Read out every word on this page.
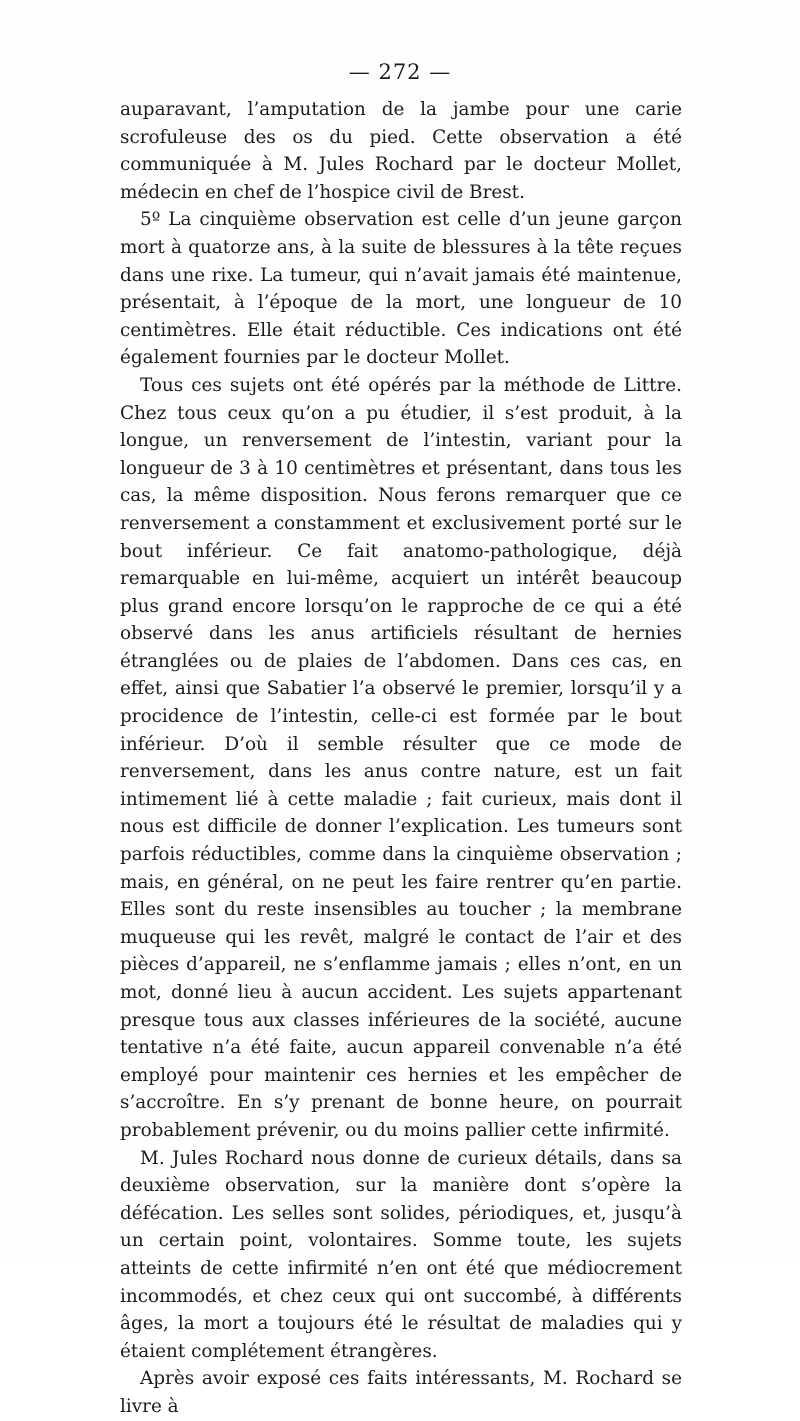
— 272 —

auparavant, l’amputation de la jambe pour une carie scrofuleuse des os du pied. Cette observation a été communiquée à M. Jules Rochard par le docteur Mollet, médecin en chef de l’hospice civil de Brest.

5º La cinquième observation est celle d’un jeune garçon mort à quatorze ans, à la suite de blessures à la tête reçues dans une rixe. La tumeur, qui n’avait jamais été maintenue, présentait, à l’époque de la mort, une longueur de 10 centimètres. Elle était réductible. Ces indications ont été également fournies par le docteur Mollet.

Tous ces sujets ont été opérés par la méthode de Littre. Chez tous ceux qu’on a pu étudier, il s’est produit, à la longue, un renversement de l’intestin, variant pour la longueur de 3 à 10 centimètres et présentant, dans tous les cas, la même disposition. Nous ferons remarquer que ce renversement a constamment et exclusivement porté sur le bout inférieur. Ce fait anatomo-pathologique, déjà remarquable en lui-même, acquiert un intérêt beaucoup plus grand encore lorsqu’on le rapproche de ce qui a été observé dans les anus artificiels résultant de hernies étranglées ou de plaies de l’abdomen. Dans ces cas, en effet, ainsi que Sabatier l’a observé le premier, lorsqu’il y a procidence de l’intestin, celle-ci est formée par le bout inférieur. D’où il semble résulter que ce mode de renversement, dans les anus contre nature, est un fait intimement lié à cette maladie ; fait curieux, mais dont il nous est difficile de donner l’explication. Les tumeurs sont parfois réductibles, comme dans la cinquième observation ; mais, en général, on ne peut les faire rentrer qu’en partie. Elles sont du reste insensibles au toucher ; la membrane muqueuse qui les revêt, malgré le contact de l’air et des pièces d’appareil, ne s’enflamme jamais ; elles n’ont, en un mot, donné lieu à aucun accident. Les sujets appartenant presque tous aux classes inférieures de la société, aucune tentative n’a été faite, aucun appareil convenable n’a été employé pour maintenir ces hernies et les empêcher de s’accroître. En s’y prenant de bonne heure, on pourrait probablement prévenir, ou du moins pallier cette infirmité.

M. Jules Rochard nous donne de curieux détails, dans sa deuxième observation, sur la manière dont s’opère la défécation. Les selles sont solides, périodiques, et, jusqu’à un certain point, volontaires. Somme toute, les sujets atteints de cette infirmité n’en ont été que médiocrement incommodés, et chez ceux qui ont succombé, à différents âges, la mort a toujours été le résultat de maladies qui y étaient complétement étrangères.

Après avoir exposé ces faits intéressants, M. Rochard se livre à
